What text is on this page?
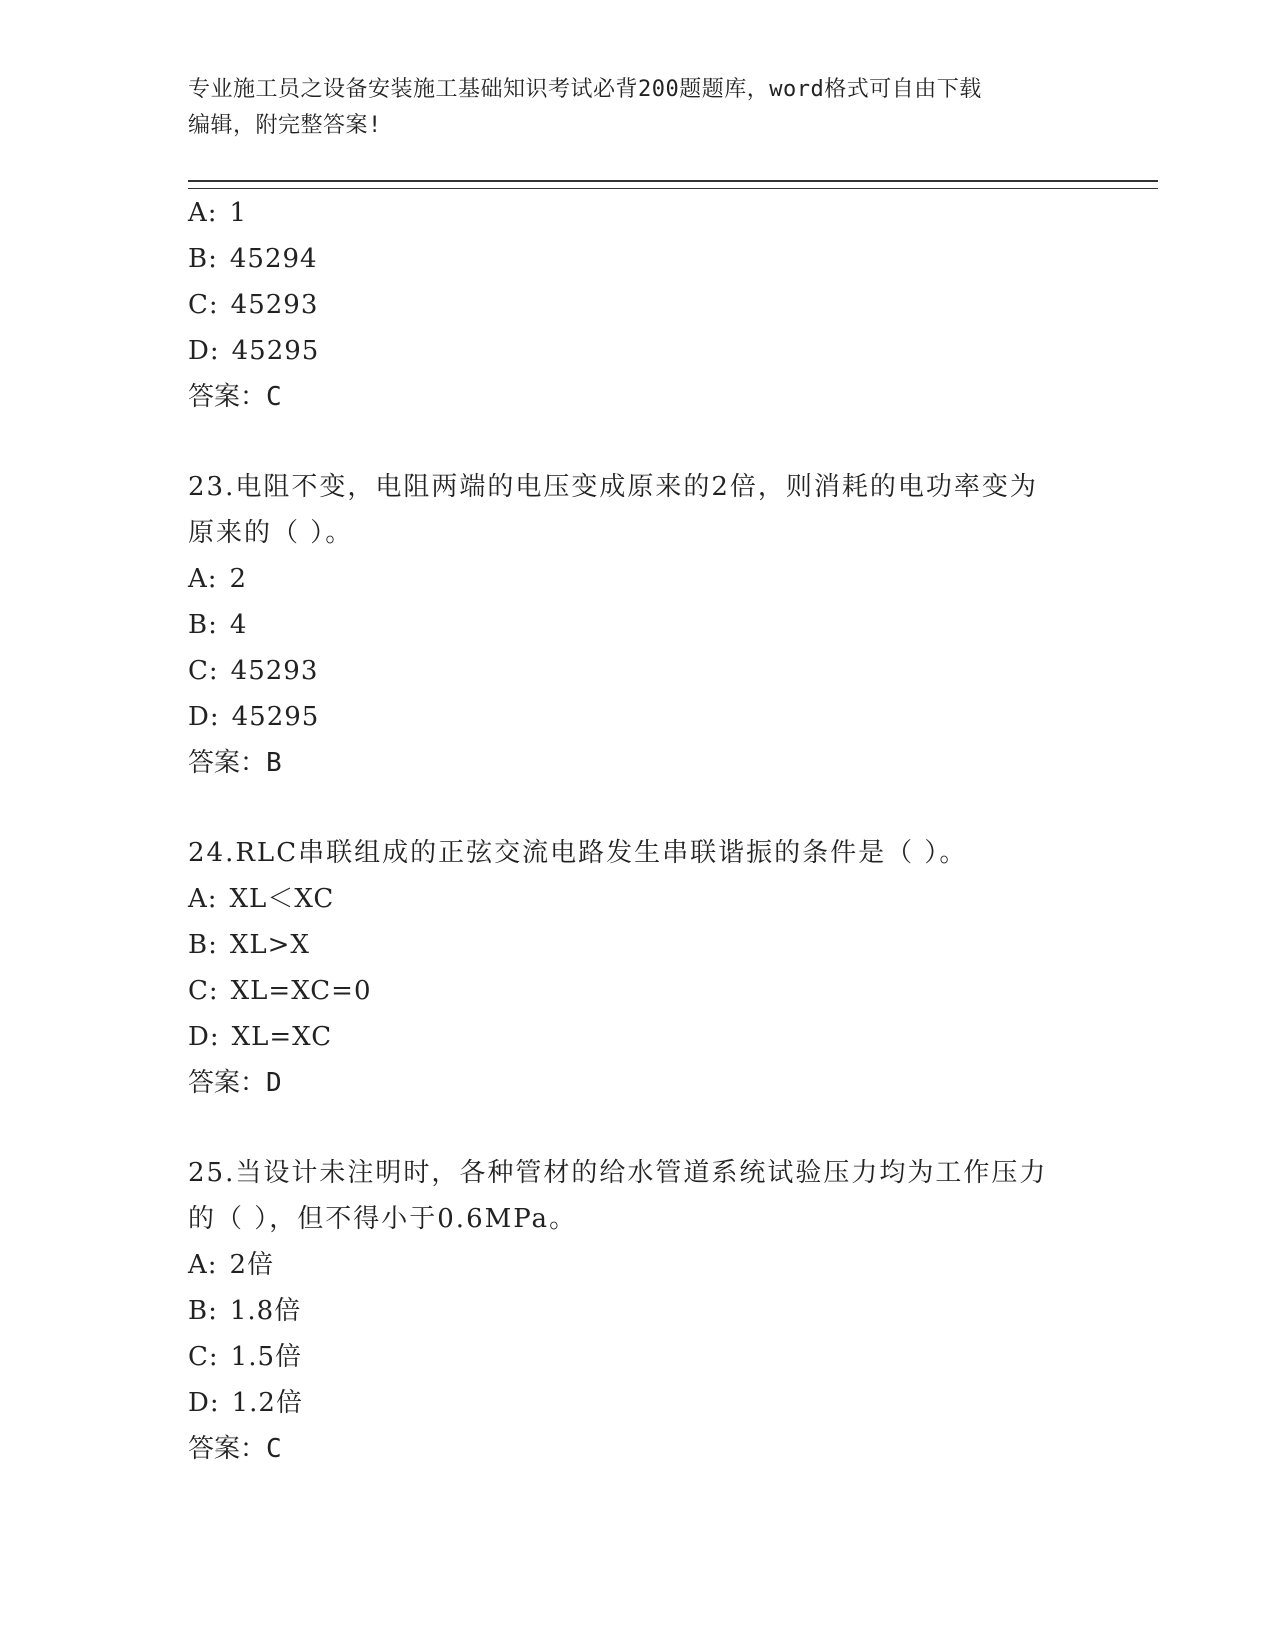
专业施工员之设备安装施工基础知识考试必背200题题库，word格式可自由下载
编辑，附完整答案!
A: 1
B: 45294
C: 45293
D: 45295
答案：C
23.电阻不变，电阻两端的电压变成原来的2倍，则消耗的电功率变为
原来的（ ）。
A: 2
B: 4
C: 45293
D: 45295
答案：B
24.RLC串联组成的正弦交流电路发生串联谐振的条件是（ ）。
A: XL＜XC
B: XL>X
C: XL=XC=0
D: XL=XC
答案：D
25.当设计未注明时，各种管材的给水管道系统试验压力均为工作压力
的（ ），但不得小于0.6MPa。
A: 2倍
B: 1.8倍
C: 1.5倍
D: 1.2倍
答案：C
